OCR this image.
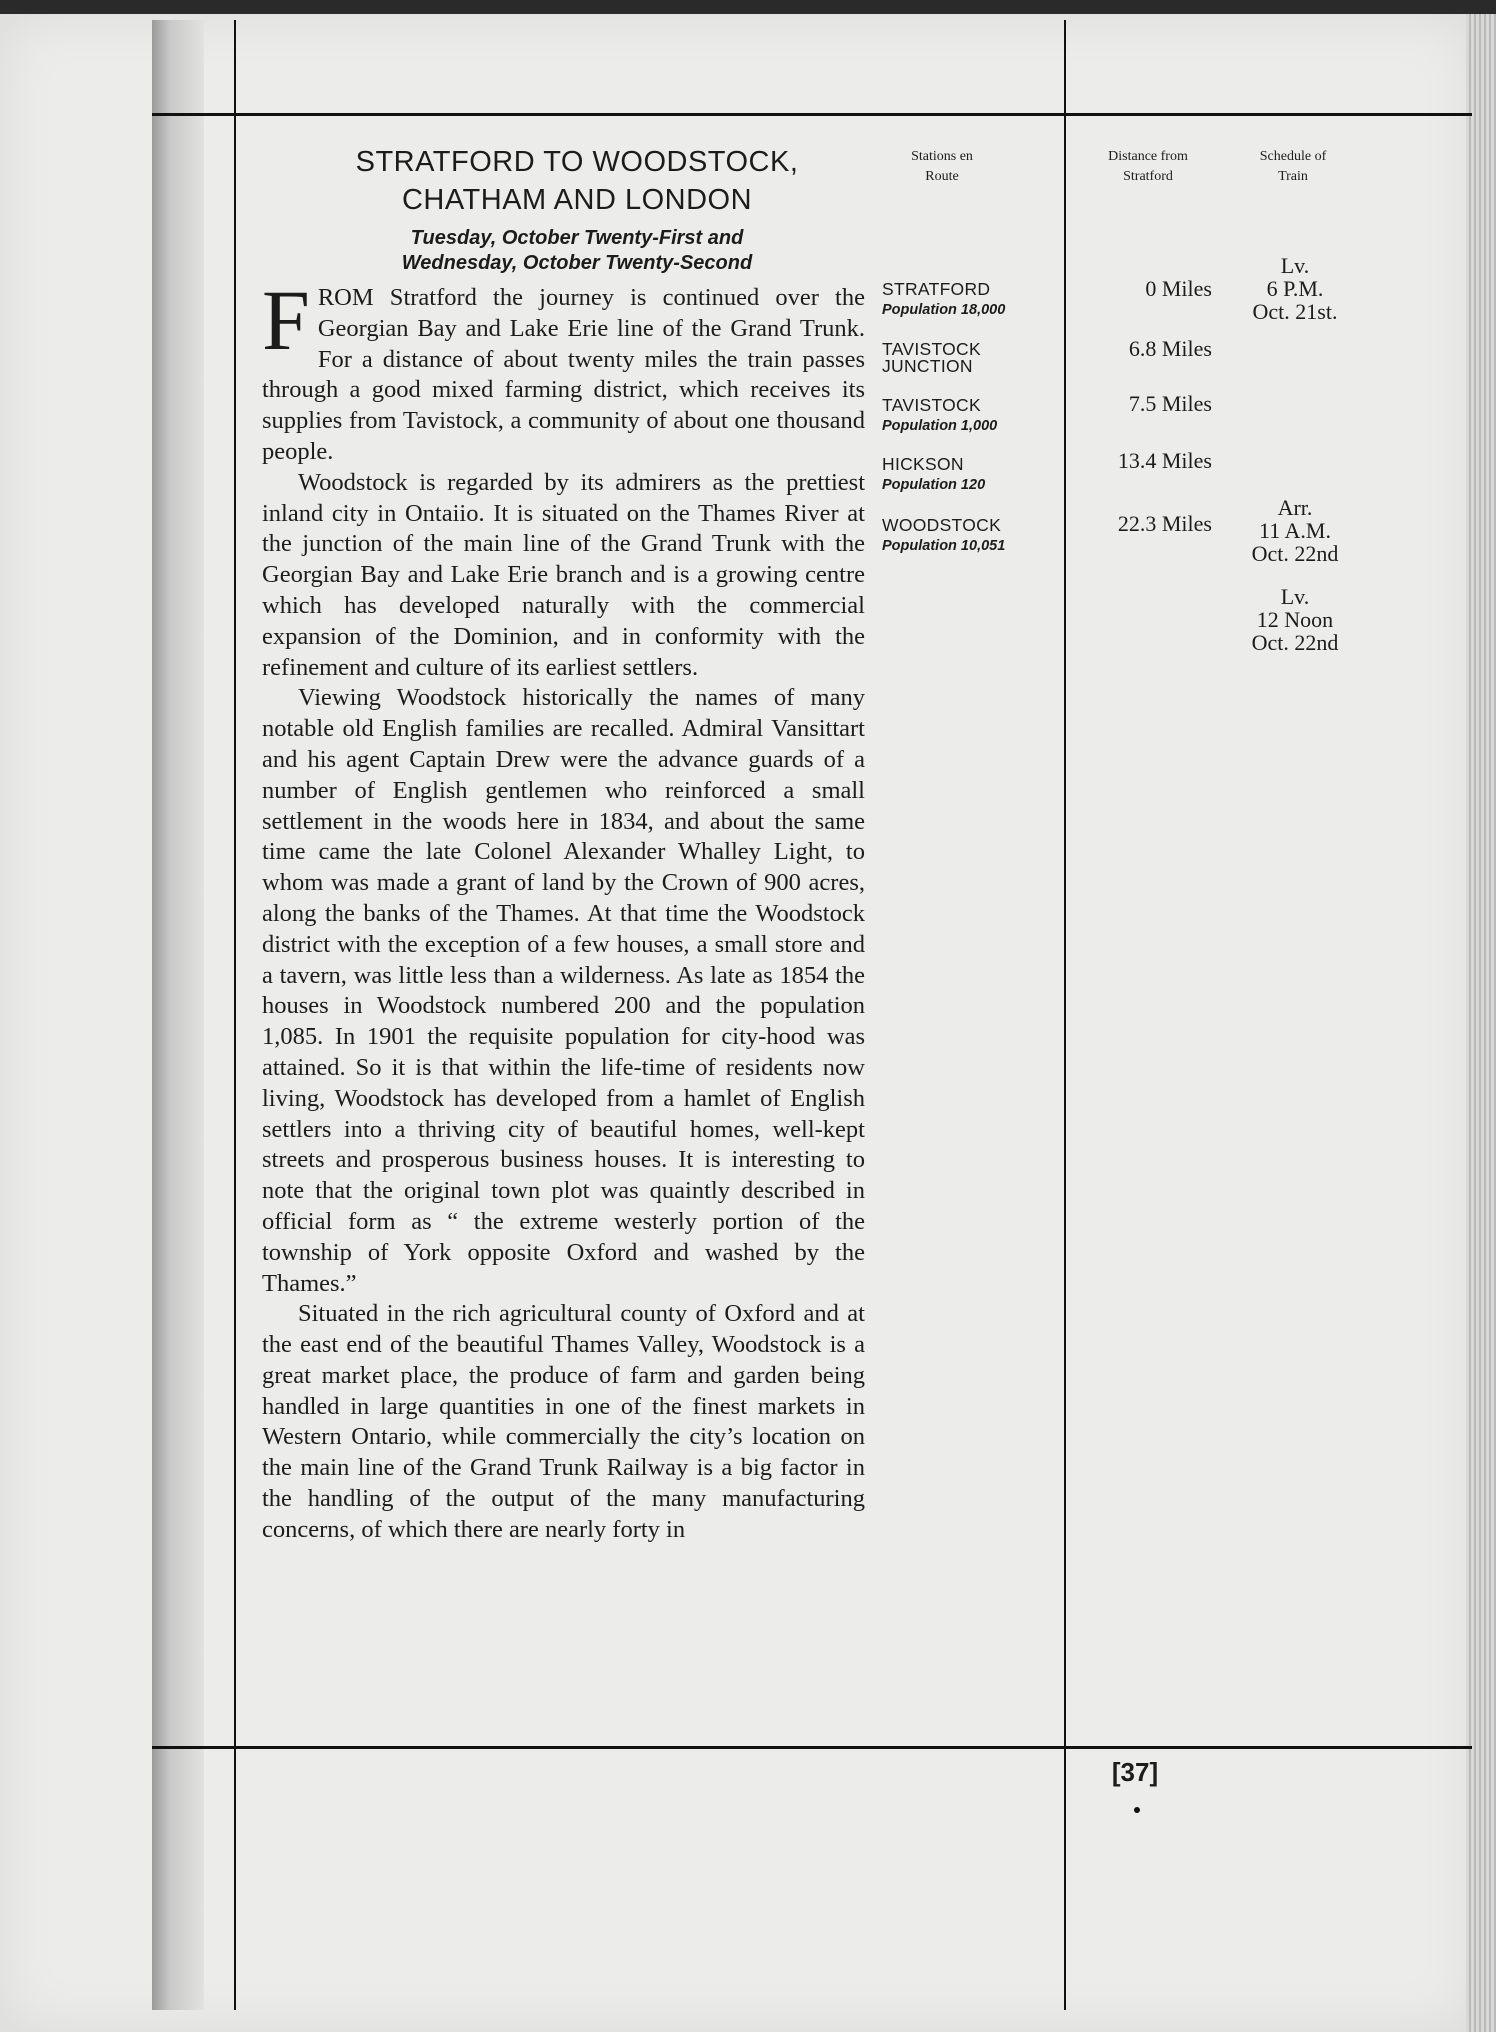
STRATFORD TO WOODSTOCK,
CHATHAM AND LONDON
Tuesday, October Twenty-First and
Wednesday, October Twenty-Second

FROM Stratford the journey is continued over the Georgian Bay and Lake Erie line of the Grand Trunk. For a distance of about twenty miles the train passes through a good mixed farming district, which receives its supplies from Tavistock, a community of about one thousand people.

Woodstock is regarded by its admirers as the prettiest inland city in Ontaiio. It is situated on the Thames River at the junction of the main line of the Grand Trunk with the Georgian Bay and Lake Erie branch and is a growing centre which has developed naturally with the commercial expansion of the Dominion, and in conformity with the refinement and culture of its earliest settlers.

Viewing Woodstock historically the names of many notable old English families are recalled. Admiral Vansittart and his agent Captain Drew were the advance guards of a number of English gentlemen who reinforced a small settlement in the woods here in 1834, and about the same time came the late Colonel Alexander Whalley Light, to whom was made a grant of land by the Crown of 900 acres, along the banks of the Thames. At that time the Woodstock district with the exception of a few houses, a small store and a tavern, was little less than a wilderness. As late as 1854 the houses in Woodstock numbered 200 and the population 1,085. In 1901 the requisite population for city-hood was attained. So it is that within the life-time of residents now living, Woodstock has developed from a hamlet of English settlers into a thriving city of beautiful homes, well-kept streets and prosperous business houses. It is interesting to note that the original town plot was quaintly described in official form as “ the extreme westerly portion of the township of York opposite Oxford and washed by the Thames.”

Situated in the rich agricultural county of Oxford and at the east end of the beautiful Thames Valley, Woodstock is a great market place, the produce of farm and garden being handled in large quantities in one of the finest markets in Western Ontario, while commercially the city’s location on the main line of the Grand Trunk Railway is a big factor in the handling of the output of the many manufacturing concerns, of which there are nearly forty in

Stations en
Route
Distance from
Stratford
Schedule of
Train
STRATFORD
Population 18,000
TAVISTOCK
JUNCTION
TAVISTOCK
Population 1,000
HICKSON
Population 120
WOODSTOCK
Population 10,051
0 Miles
6.8 Miles
7.5 Miles
13.4 Miles
22.3 Miles
Lv.
6 P.M.
Oct. 21st.
Arr.
11 A.M.
Oct. 22nd
Lv.
12 Noon
Oct. 22nd
[37]
